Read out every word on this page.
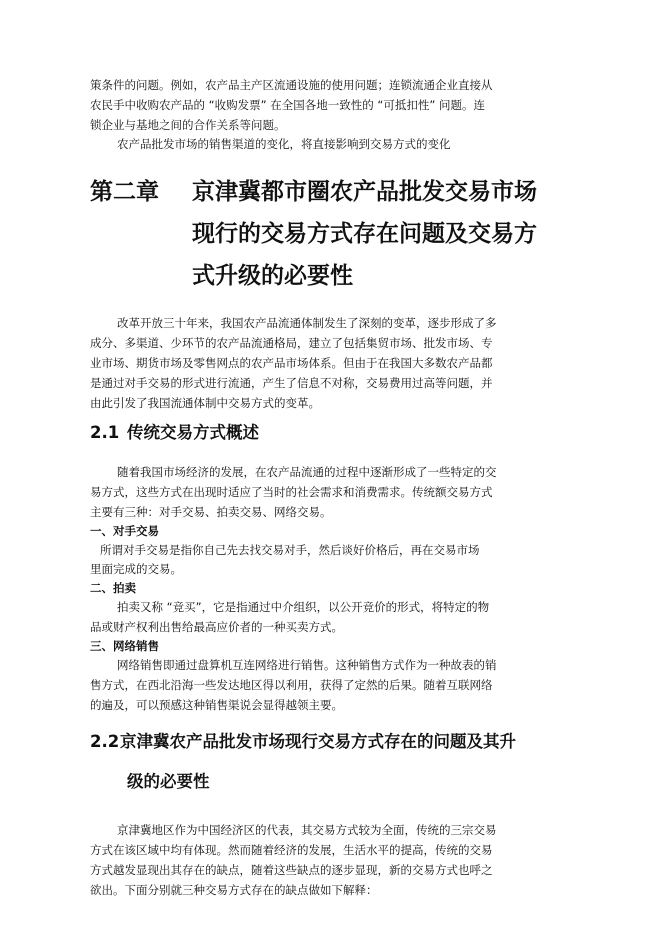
策条件的问题。例如，农产品主产区流通设施的使用问题；连锁流通企业直接从
农民手中收购农产品的 “收购发票” 在全国各地一致性的 “可抵扣性” 问题。连
锁企业与基地之间的合作关系等问题。
农产品批发市场的销售渠道的变化，将直接影响到交易方式的变化
第二章 京津冀都市圈农产品批发交易市场
现行的交易方式存在问题及交易方
式升级的必要性
改革开放三十年来，我国农产品流通体制发生了深刻的变革，逐步形成了多
成分、多渠道、少环节的农产品流通格局，建立了包括集贸市场、批发市场、专
业市场、期货市场及零售网点的农产品市场体系。但由于在我国大多数农产品都
是通过对手交易的形式进行流通，产生了信息不对称，交易费用过高等问题，并
由此引发了我国流通体制中交易方式的变革。
2.1 传统交易方式概述
随着我国市场经济的发展，在农产品流通的过程中逐渐形成了一些特定的交
易方式，这些方式在出现时适应了当时的社会需求和消费需求。传统额交易方式
主要有三种：对手交易、拍卖交易、网络交易。
一、对手交易
所谓对手交易是指你自己先去找交易对手，然后谈好价格后，再在交易市场
里面完成的交易。
二、拍卖
拍卖又称 “竞买”，它是指通过中介组织，以公开竞价的形式，将特定的物
品或财产权利出售给最高应价者的一种买卖方式。
三、网络销售
网络销售即通过盘算机互连网络进行销售。这种销售方式作为一种故表的销
售方式，在西北沿海一些发达地区得以利用，获得了定然的后果。随着互联网络
的遍及，可以预感这种销售渠说会显得越领主要。
2.2 京津冀农产品批发市场现行交易方式存在的问题及其升
级的必要性
京津冀地区作为中国经济区的代表，其交易方式较为全面，传统的三宗交易
方式在该区域中均有体现。然而随着经济的发展，生活水平的提高，传统的交易
方式越发显现出其存在的缺点，随着这些缺点的逐步显现，新的交易方式也呼之
欲出。下面分别就三种交易方式存在的缺点做如下解释：
